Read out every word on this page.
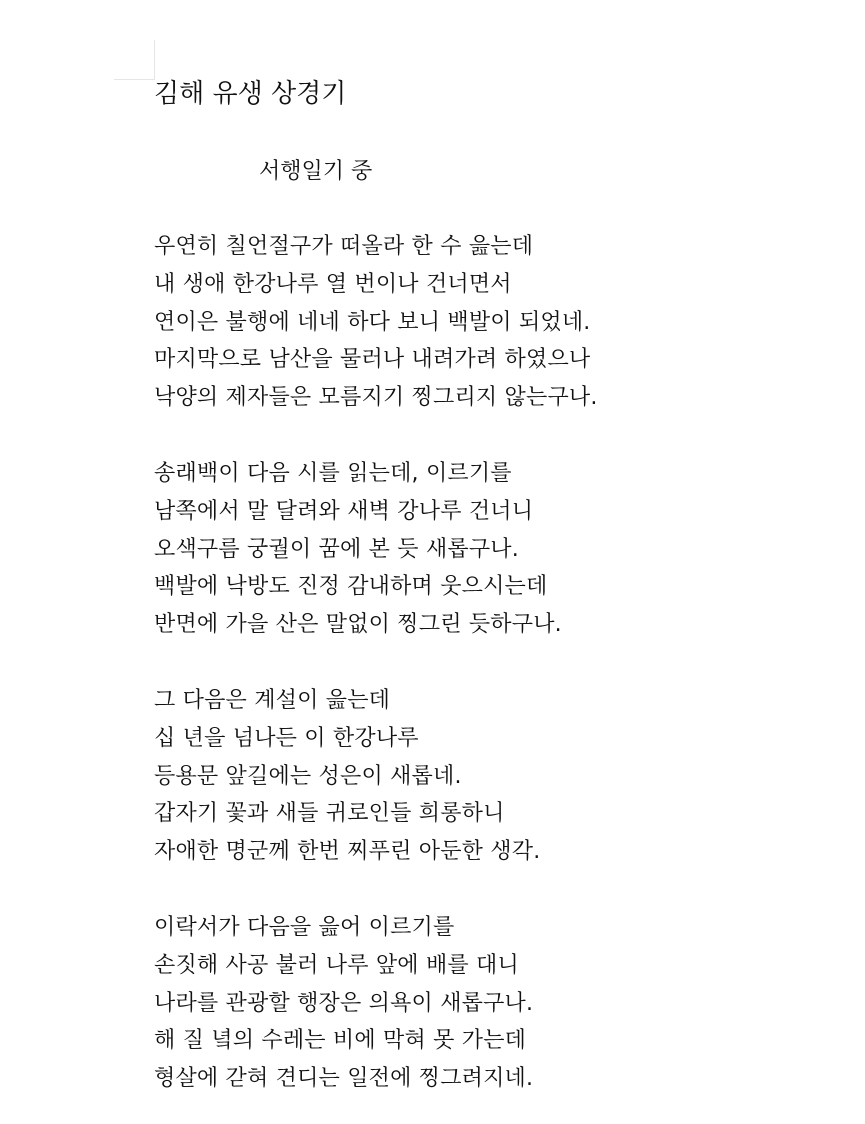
김해 유생 상경기

서행일기 중

우연히 칠언절구가 떠올라 한 수 읊는데
내 생애 한강나루 열 번이나 건너면서
연이은 불행에 네네 하다 보니 백발이 되었네.
마지막으로 남산을 물러나 내려가려 하였으나
낙양의 제자들은 모름지기 찡그리지 않는구나.
송래백이 다음 시를 읽는데, 이르기를
남쪽에서 말 달려와 새벽 강나루 건너니
오색구름 궁궐이 꿈에 본 듯 새롭구나.
백발에 낙방도 진정 감내하며 웃으시는데
반면에 가을 산은 말없이 찡그린 듯하구나.
그 다음은 계설이 읊는데
십 년을 넘나든 이 한강나루
등용문 앞길에는 성은이 새롭네.
갑자기 꽃과 새들 귀로인들 희롱하니
자애한 명군께 한번 찌푸린 아둔한 생각.
이락서가 다음을 읊어 이르기를
손짓해 사공 불러 나루 앞에 배를 대니
나라를 관광할 행장은 의욕이 새롭구나.
해 질 녘의 수레는 비에 막혀 못 가는데
형살에 갇혀 견디는 일전에 찡그려지네.
